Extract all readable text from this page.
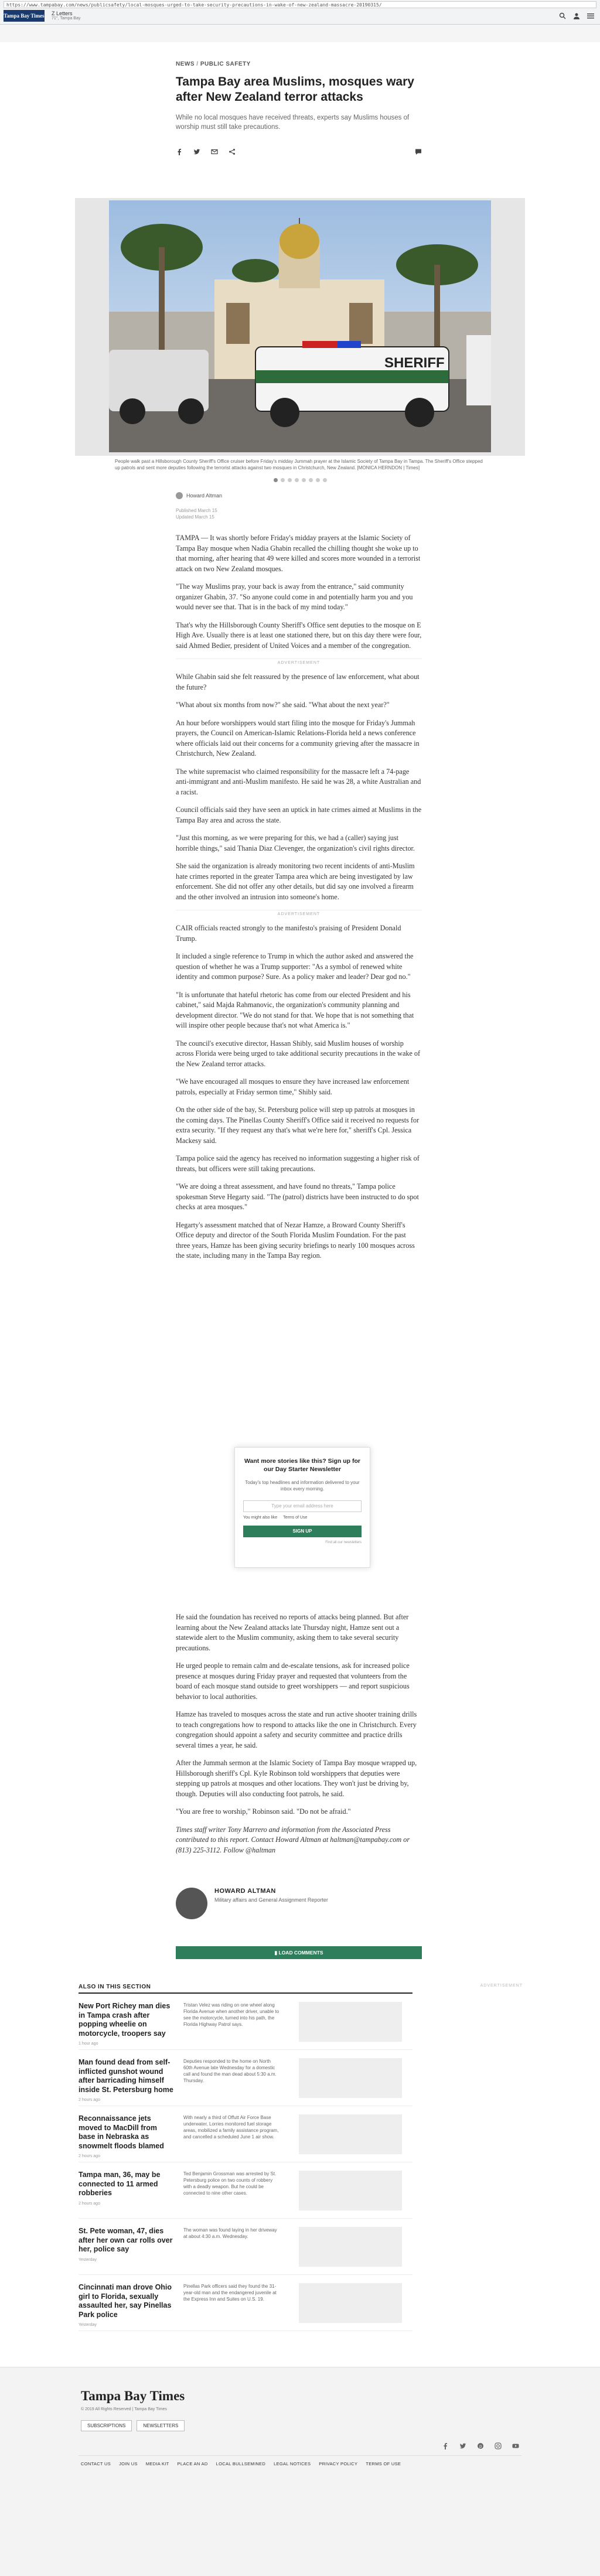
https://www.tampabay.com/news/publicsafety/local-mosques-urged-to-take-security-precautions-in-wake-of-new-zealand-massacre-20190315/
Tampa Bay Times Z Letters
71°, Tampa Bay
NEWS/ PUBLIC SAFETY
Tampa Bay area Muslims, mosques wary after New Zealand terror attacks

While no local mosques have received threats, experts say Muslims houses of worship must still take precautions.

SHERIFF

People walk past a Hillsborough County Sheriff's Office cruiser before Friday's midday Jummah prayer at the Islamic Society of Tampa Bay in Tampa. The Sheriff's Office stepped up patrols and sent more deputies following the terrorist attacks against two mosques in Christchurch, New Zealand. [MONICA HERNDON | Times]

Howard Altman
Published March 15
Updated March 15

TAMPA — It was shortly before Friday's midday prayers at the Islamic Society of Tampa Bay mosque when Nadia Ghabin recalled the chilling thought she woke up to that morning, after hearing that 49 were killed and scores more wounded in a terrorist attack on two New Zealand mosques.

"The way Muslims pray, your back is away from the entrance," said community organizer Ghabin, 37. "So anyone could come in and potentially harm you and you would never see that. That is in the back of my mind today."

That's why the Hillsborough County Sheriff's Office sent deputies to the mosque on E High Ave. Usually there is at least one stationed there, but on this day there were four, said Ahmed Bedier, president of United Voices and a member of the congregation.

ADVERTISEMENT

While Ghabin said she felt reassured by the presence of law enforcement, what about the future?

"What about six months from now?" she said. "What about the next year?"

An hour before worshippers would start filing into the mosque for Friday's Jummah prayers, the Council on American-Islamic Relations-Florida held a news conference where officials laid out their concerns for a community grieving after the massacre in Christchurch, New Zealand.

The white supremacist who claimed responsibility for the massacre left a 74-page anti-immigrant and anti-Muslim manifesto. He said he was 28, a white Australian and a racist.

Council officials said they have seen an uptick in hate crimes aimed at Muslims in the Tampa Bay area and across the state.

"Just this morning, as we were preparing for this, we had a (caller) saying just horrible things," said Thania Diaz Clevenger, the organization's civil rights director.

She said the organization is already monitoring two recent incidents of anti-Muslim hate crimes reported in the greater Tampa area which are being investigated by law enforcement. She did not offer any other details, but did say one involved a firearm and the other involved an intrusion into someone's home.

ADVERTISEMENT

CAIR officials reacted strongly to the manifesto's praising of President Donald Trump.

It included a single reference to Trump in which the author asked and answered the question of whether he was a Trump supporter: "As a symbol of renewed white identity and common purpose? Sure. As a policy maker and leader? Dear god no."

"It is unfortunate that hateful rhetoric has come from our elected President and his cabinet," said Majda Rahmanovic, the organization's community planning and development director. "We do not stand for that. We hope that is not something that will inspire other people because that's not what America is."

The council's executive director, Hassan Shibly, said Muslim houses of worship across Florida were being urged to take additional security precautions in the wake of the New Zealand terror attacks.

"We have encouraged all mosques to ensure they have increased law enforcement patrols, especially at Friday sermon time," Shibly said.

On the other side of the bay, St. Petersburg police will step up patrols at mosques in the coming days. The Pinellas County Sheriff's Office said it received no requests for extra security. "If they request any that's what we're here for," sheriff's Cpl. Jessica Mackesy said.

Tampa police said the agency has received no information suggesting a higher risk of threats, but officers were still taking precautions.

"We are doing a threat assessment, and have found no threats," Tampa police spokesman Steve Hegarty said. "The (patrol) districts have been instructed to do spot checks at area mosques."

Hegarty's assessment matched that of Nezar Hamze, a Broward County Sheriff's Office deputy and director of the South Florida Muslim Foundation. For the past three years, Hamze has been giving security briefings to nearly 100 mosques across the state, including many in the Tampa Bay region.

Want more stories like this? Sign up for our Day Starter Newsletter
Today's top headlines and information delivered to your inbox every morning.
Type your email address here
You might also like Terms of Use
SIGN UP
Find all our newsletters

He said the foundation has received no reports of attacks being planned. But after learning about the New Zealand attacks late Thursday night, Hamze sent out a statewide alert to the Muslim community, asking them to take several security precautions.

He urged people to remain calm and de-escalate tensions, ask for increased police presence at mosques during Friday prayer and requested that volunteers from the board of each mosque stand outside to greet worshippers — and report suspicious behavior to local authorities.

Hamze has traveled to mosques across the state and run active shooter training drills to teach congregations how to respond to attacks like the one in Christchurch. Every congregation should appoint a safety and security committee and practice drills several times a year, he said.

After the Jummah sermon at the Islamic Society of Tampa Bay mosque wrapped up, Hillsborough sheriff's Cpl. Kyle Robinson told worshippers that deputies were stepping up patrols at mosques and other locations. They won't just be driving by, though. Deputies will also conducting foot patrols, he said.

"You are free to worship," Robinson said. "Do not be afraid."

Times staff writer Tony Marrero and information from the Associated Press contributed to this report. Contact Howard Altman at haltman@tampabay.com or (813) 225-3112. Follow @haltman

HOWARD ALTMAN
Military affairs and General Assignment Reporter
▮ LOAD COMMENTS
ADVERTISEMENT
ALSO IN THIS SECTION
New Port Richey man dies in Tampa crash after popping wheelie on motorcycle, troopers say
1 hour ago
Tristan Velez was riding on one wheel along Florida Avenue when another driver, unable to see the motorcycle, turned into his path, the Florida Highway Patrol says.
Man found dead from self-inflicted gunshot wound after barricading himself inside St. Petersburg home
2 hours ago
Deputies responded to the home on North 60th Avenue late Wednesday for a domestic call and found the man dead about 5:30 a.m. Thursday.
Reconnaissance jets moved to MacDill from base in Nebraska as snowmelt floods blamed
2 hours ago
With nearly a third of Offutt Air Force Base underwater, Lorries monitored fuel storage areas, mobilized a family assistance program, and cancelled a scheduled June 1 air show.
Tampa man, 36, may be connected to 11 armed robberies
2 hours ago
Ted Benjamin Grossman was arrested by St. Petersburg police on two counts of robbery with a deadly weapon. But he could be connected to nine other cases.
St. Pete woman, 47, dies after her own car rolls over her, police say
Yesterday
The woman was found laying in her driveway at about 4:30 a.m. Wednesday.
Cincinnati man drove Ohio girl to Florida, sexually assaulted her, say Pinellas Park police
Yesterday
Pinellas Park officers said they found the 31-year-old man and the endangered juvenile at the Express Inn and Suites on U.S. 19.
Tampa Bay Times
© 2019 All Rights Reserved | Tampa Bay Times
SUBSCRIPTIONS	NEWSLETTERS
p
CONTACT US JOIN US MEDIA KIT PLACE AN AD LOCAL BULLSEMINED LEGAL NOTICES PRIVACY POLICY TERMS OF USE
